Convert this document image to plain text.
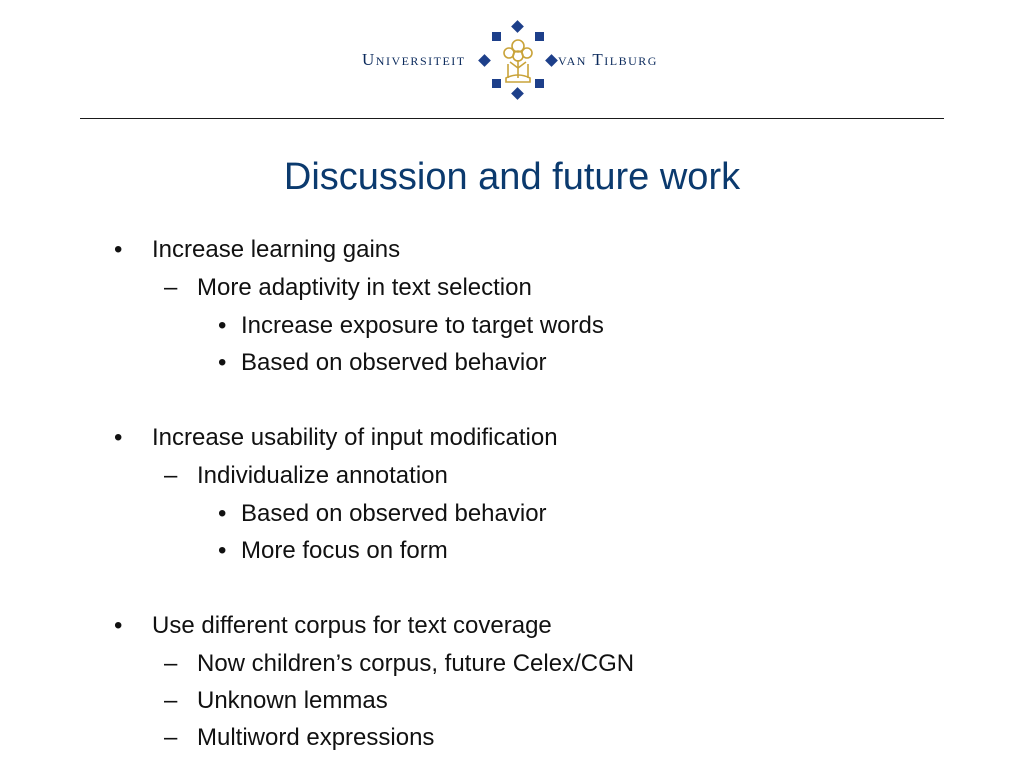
Universiteit	van Tilburg
Discussion and future work
• Increase learning gains
– More adaptivity in text selection
• Increase exposure to target words
• Based on observed behavior
• Increase usability of input modification
– Individualize annotation
• Based on observed behavior
• More focus on form
• Use different corpus for text coverage
– Now children’s corpus, future Celex/CGN
– Unknown lemmas
– Multiword expressions
